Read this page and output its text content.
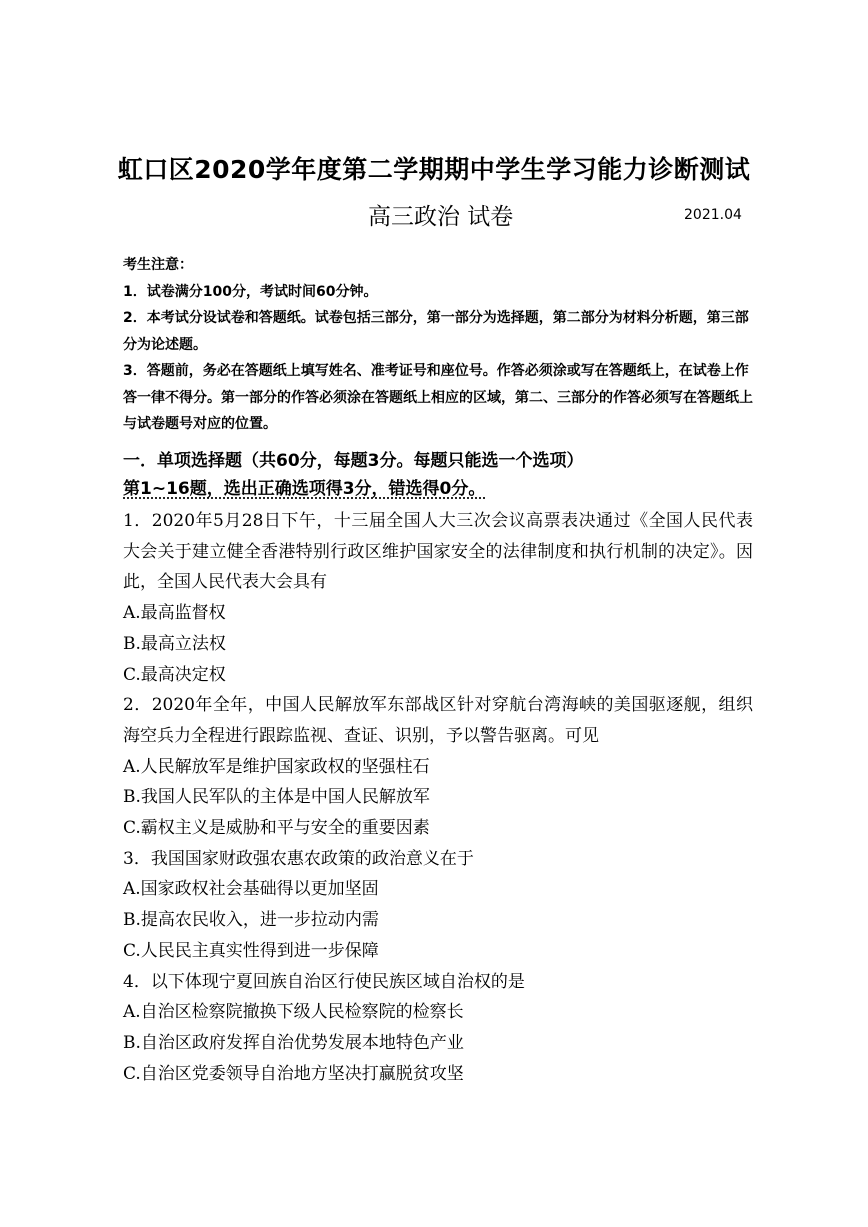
虹口区2020学年度第二学期期中学生学习能力诊断测试
高三政治 试卷	2021.04

考生注意：

1．试卷满分100分，考试时间60分钟。

2．本考试分设试卷和答题纸。试卷包括三部分，第一部分为选择题，第二部分为材料分析题，第三部分为论述题。

3．答题前，务必在答题纸上填写姓名、准考证号和座位号。作答必须涂或写在答题纸上，在试卷上作答一律不得分。第一部分的作答必须涂在答题纸上相应的区域，第二、三部分的作答必须写在答题纸上与试卷题号对应的位置。

一．单项选择题（共60分，每题3分。每题只能选一个选项）

第1~16题，选出正确选项得3分，错选得0分。

1．2020年5月28日下午，十三届全国人大三次会议高票表决通过《全国人民代表大会关于建立健全香港特别行政区维护国家安全的法律制度和执行机制的决定》。因此，全国人民代表大会具有

A.最高监督权

B.最高立法权

C.最高决定权

2．2020年全年，中国人民解放军东部战区针对穿航台湾海峡的美国驱逐舰，组织海空兵力全程进行跟踪监视、查证、识别，予以警告驱离。可见

A.人民解放军是维护国家政权的坚强柱石

B.我国人民军队的主体是中国人民解放军

C.霸权主义是威胁和平与安全的重要因素

3．我国国家财政强农惠农政策的政治意义在于

A.国家政权社会基础得以更加坚固

B.提高农民收入，进一步拉动内需

C.人民民主真实性得到进一步保障

4．以下体现宁夏回族自治区行使民族区域自治权的是

A.自治区检察院撤换下级人民检察院的检察长

B.自治区政府发挥自治优势发展本地特色产业

C.自治区党委领导自治地方坚决打赢脱贫攻坚
